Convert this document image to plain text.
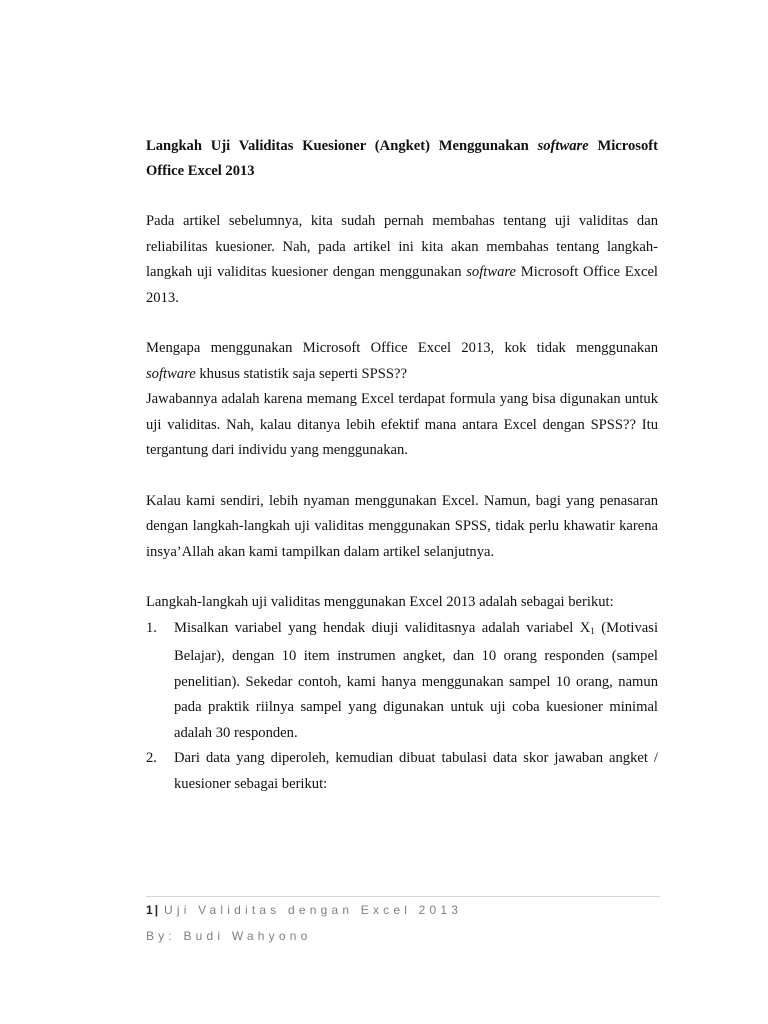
Langkah Uji Validitas Kuesioner (Angket) Menggunakan software Microsoft Office Excel 2013

Pada artikel sebelumnya, kita sudah pernah membahas tentang uji validitas dan reliabilitas kuesioner. Nah, pada artikel ini kita akan membahas tentang langkah-langkah uji validitas kuesioner dengan menggunakan software Microsoft Office Excel 2013.

Mengapa menggunakan Microsoft Office Excel 2013, kok tidak menggunakan software khusus statistik saja seperti SPSS??

Jawabannya adalah karena memang Excel terdapat formula yang bisa digunakan untuk uji validitas. Nah, kalau ditanya lebih efektif mana antara Excel dengan SPSS?? Itu tergantung dari individu yang menggunakan.

Kalau kami sendiri, lebih nyaman menggunakan Excel. Namun, bagi yang penasaran dengan langkah-langkah uji validitas menggunakan SPSS, tidak perlu khawatir karena insya’Allah akan kami tampilkan dalam artikel selanjutnya.

Langkah-langkah uji validitas menggunakan Excel 2013 adalah sebagai berikut:

1. Misalkan variabel yang hendak diuji validitasnya adalah variabel $X_1$ (Motivasi Belajar), dengan 10 item instrumen angket, dan 10 orang responden (sampel penelitian). Sekedar contoh, kami hanya menggunakan sampel 10 orang, namun pada praktik riilnya sampel yang digunakan untuk uji coba kuesioner minimal adalah 30 responden.
2. Dari data yang diperoleh, kemudian dibuat tabulasi data skor jawaban angket / kuesioner sebagai berikut:
1 | Uji Validitas dengan Excel 2013
By: Budi Wahyono
